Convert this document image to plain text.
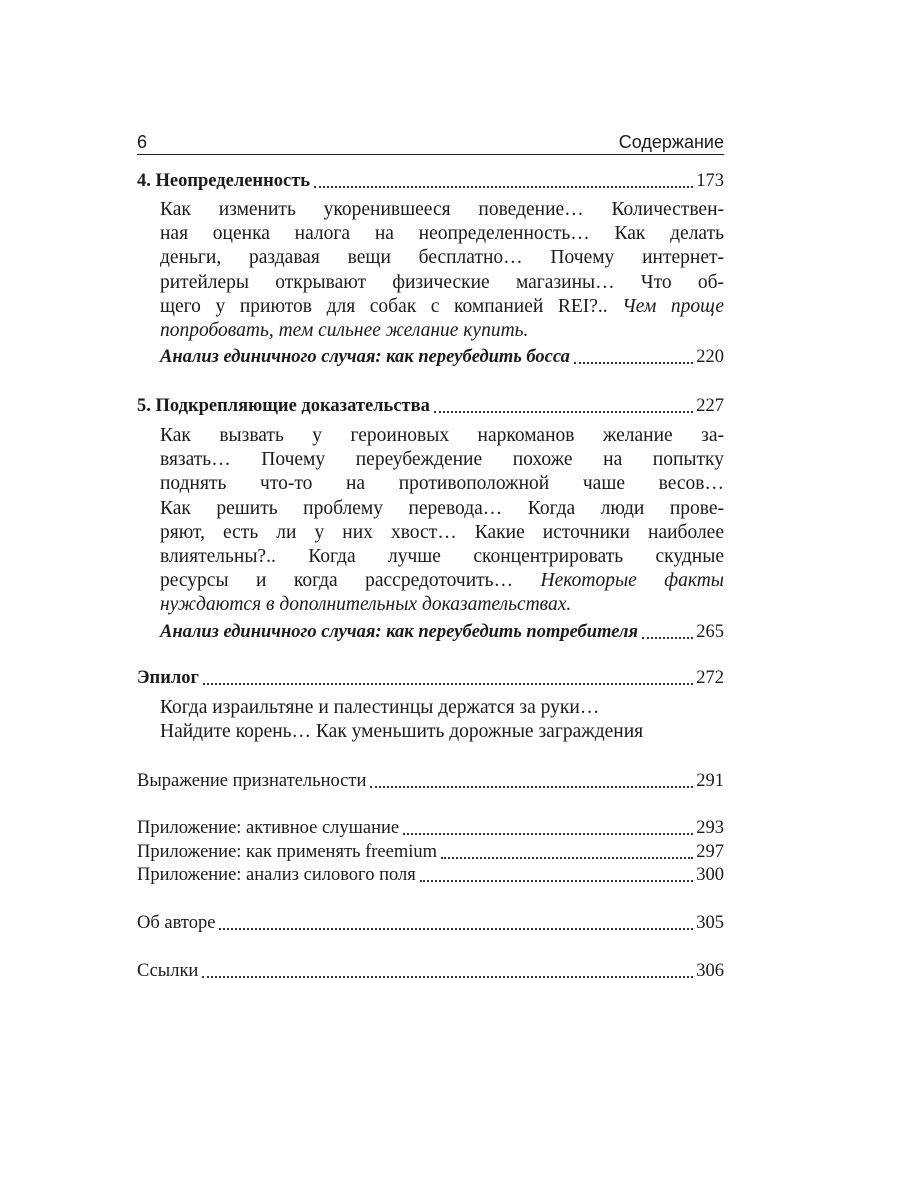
6	Содержание
4. Неопределенность	173
Как изменить укоренившееся поведение… Количествен-
ная оценка налога на неопределенность… Как делать
деньги, раздавая вещи бесплатно… Почему интернет-
ритейлеры открывают физические магазины… Что об-
щего у приютов для собак с компанией REI?.. Чем проще
попробовать, тем сильнее желание купить.
Анализ единичного случая: как переубедить босса	220
5. Подкрепляющие доказательства	227
Как вызвать у героиновых наркоманов желание за-
вязать… Почему переубеждение похоже на попытку
поднять что-то на противоположной чаше весов…
Как решить проблему перевода… Когда люди прове-
ряют, есть ли у них хвост… Какие источники наиболее
влиятельны?.. Когда лучше сконцентрировать скудные
ресурсы и когда рассредоточить… Некоторые факты
нуждаются в дополнительных доказательствах.
Анализ единичного случая: как переубедить потребителя	265
Эпилог	272
Когда израильтяне и палестинцы держатся за руки…
Найдите корень… Как уменьшить дорожные заграждения
Выражение признательности	291
Приложение: активное слушание	293
Приложение: как применять freemium	297
Приложение: анализ силового поля	300
Об авторе	305
Ссылки	306
